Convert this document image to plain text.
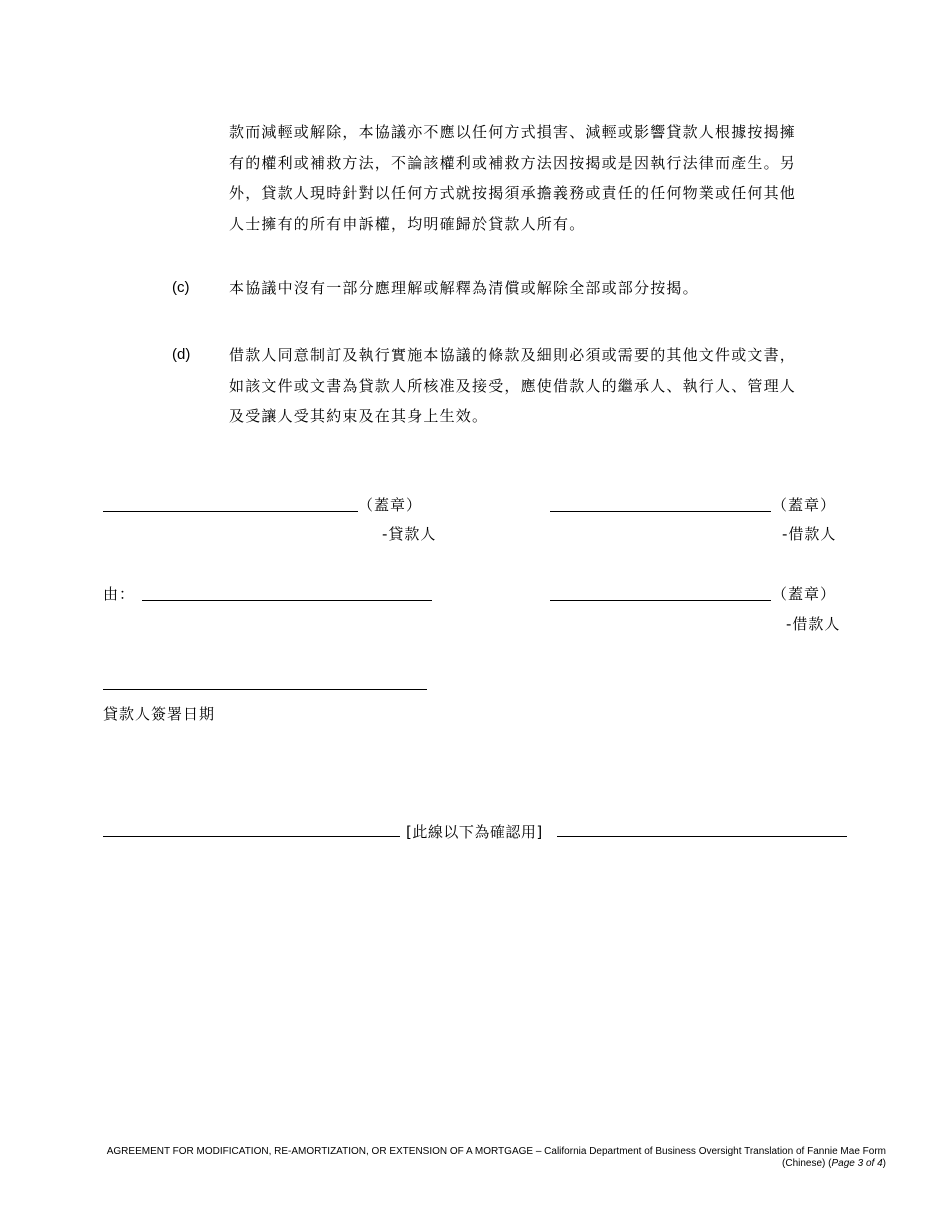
款而減輕或解除，本協議亦不應以任何方式損害、減輕或影響貸款人根據按揭擁
有的權利或補救方法，不論該權利或補救方法因按揭或是因執行法律而產生。另
外，貸款人現時針對以任何方式就按揭須承擔義務或責任的任何物業或任何其他
人士擁有的所有申訴權，均明確歸於貸款人所有。
(c)	本協議中沒有一部分應理解或解釋為清償或解除全部或部分按揭。
(d)	借款人同意制訂及執行實施本協議的條款及細則必須或需要的其他文件或文書，
如該文件或文書為貸款人所核准及接受，應使借款人的繼承人、執行人、管理人
及受讓人受其約束及在其身上生效。
（蓋章）
-貸款人
（蓋章）
-借款人
由：	（蓋章）
-借款人
貸款人簽署日期
[此線以下為確認用]
AGREEMENT FOR MODIFICATION, RE-AMORTIZATION, OR EXTENSION OF A MORTGAGE – California Department of Business Oversight Translation of Fannie Mae Form
(Chinese) (Page 3 of 4)
